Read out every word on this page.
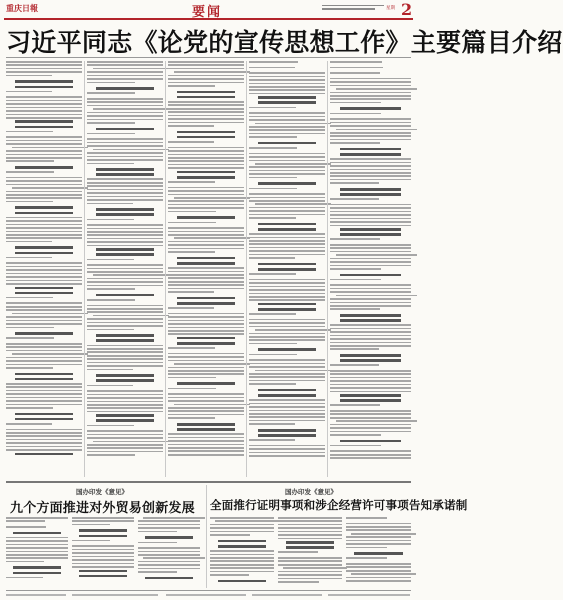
重庆日報	要闻	星期 2
习近平同志《论党的宣传思想工作》主要篇目介绍
国办印发《意见》
九个方面推进对外贸易创新发展
国办印发《意见》
全面推行证明事项和涉企经营许可事项告知承诺制
